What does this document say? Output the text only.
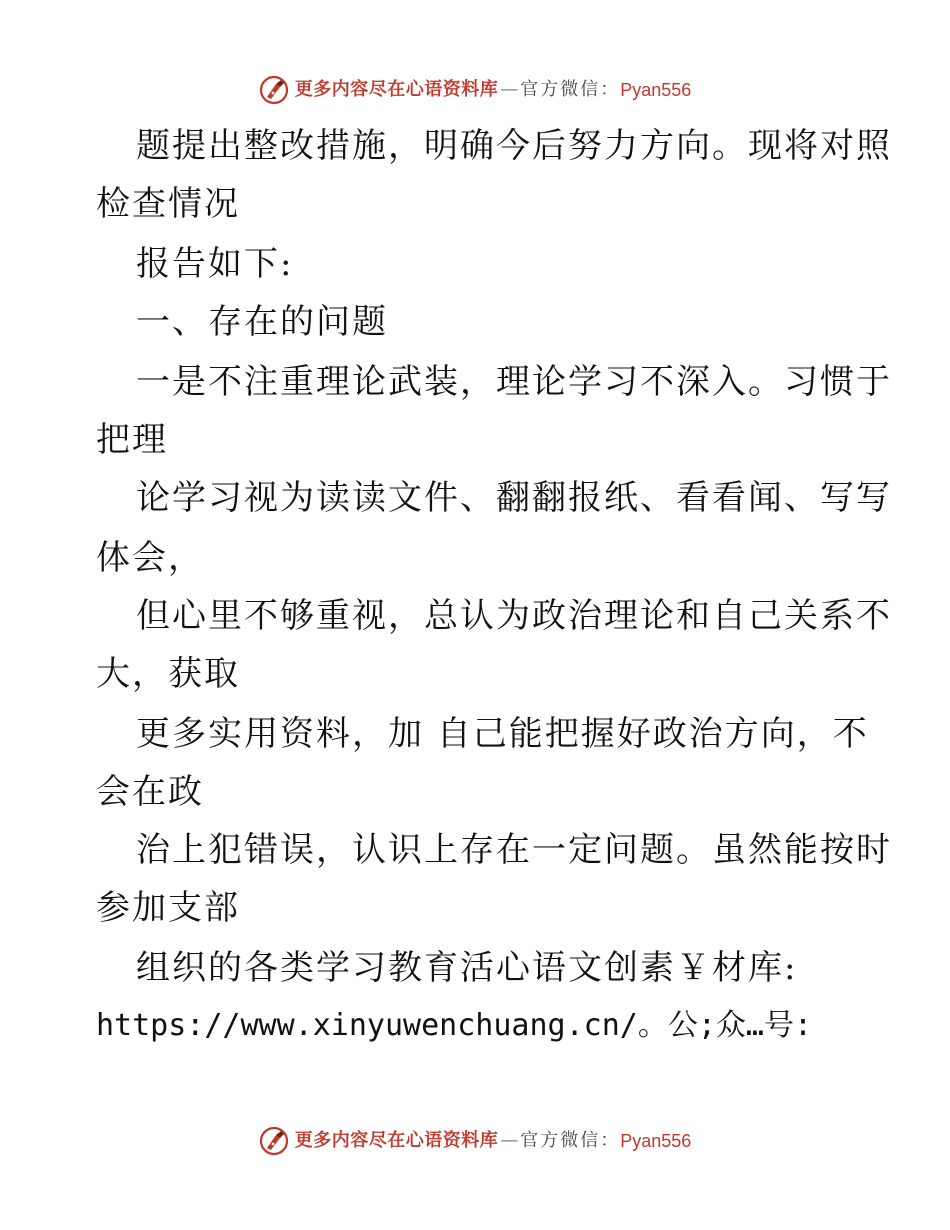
更多内容尽在心语资料库 — 官方微信： Pyan556
题提出整改措施，明确今后努力方向。现将对照
检查情况
报告如下:
一、存在的问题
一是不注重理论武装，理论学习不深入。习惯于
把理
论学习视为读读文件、翻翻报纸、看看闻、写写
体会，
但心里不够重视，总认为政治理论和自己关系不
大，获取
更多实用资料，加 自己能把握好政治方向，不
会在政
治上犯错误，认识上存在一定问题。虽然能按时
参加支部
组织的各类学习教育活心语文创素￥材库:
https://www.xinyuwenchuang.cn/。公;众…号:
更多内容尽在心语资料库 — 官方微信： Pyan556
